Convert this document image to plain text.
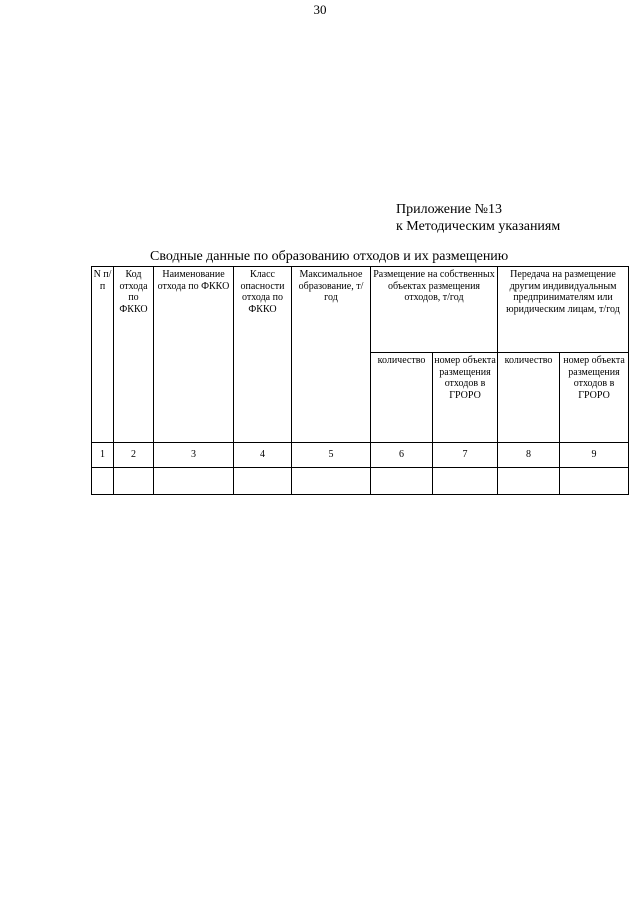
30
Приложение №13
к Методическим указаниям
Сводные данные по образованию отходов и их размещению
N п/п	Код отхода по ФККО	Наименование отхода по ФККО	Класс опасности отхода по ФККО	Максимальное образование, т/год	Размещение на собственных объектах размещения отходов, т/год		Передача на размещение другим индивидуальным предпринимателям или юридическим лицам, т/год	
					количество	номер объекта размещения отходов в ГРОРО	количество	номер объекта размещения отходов в ГРОРО
1	2	3	4	5	6	7	8	9
